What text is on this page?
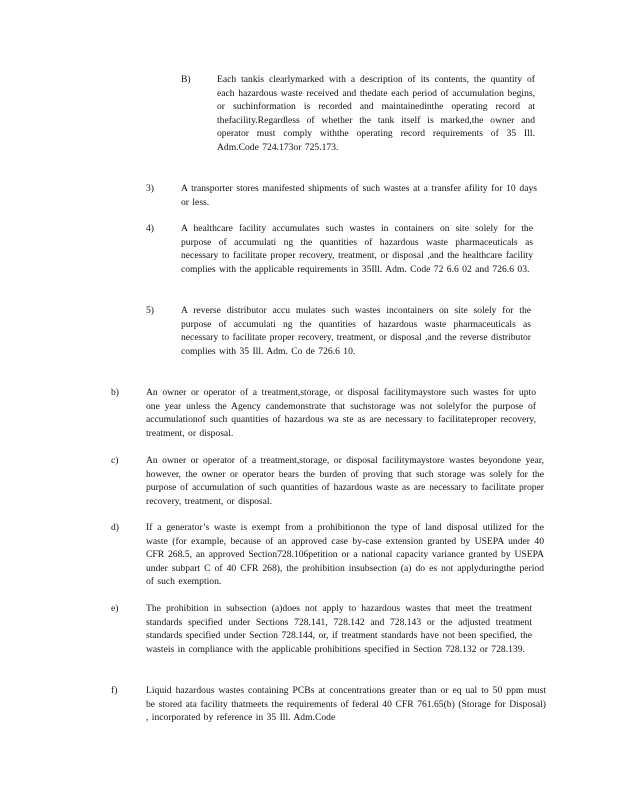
B)	Each tankis clearlymarked with a description of its contents, the quantity of each hazardous waste received and thedate each period of accumulation begins, or suchinformation is recorded and maintainedinthe operating record at thefacility.Regardless of whether the tank itself is marked,the owner and operator must comply withthe operating record requirements of 35 Ill. Adm.Code 724.173or 725.173.
3)	A transporter stores manifested shipments of such wastes at a transfer afility for 10 days or less.
4)	A healthcare facility accumulates such wastes in containers on site solely for the purpose of accumulati ng the quantities of hazardous waste pharmaceuticals as necessary to facilitate proper recovery, treatment, or disposal ,and the healthcare facility complies with the applicable requirements in 35Ill. Adm. Code 72 6.6 02 and 726.6 03.
5)	A reverse distributor accu mulates such wastes incontainers on site solely for the purpose of accumulati ng the quantities of hazardous waste pharmaceuticals as necessary to facilitate proper recovery, treatment, or disposal ,and the reverse distributor complies with 35 Ill. Adm. Co de 726.6 10.
b)	An owner or operator of a treatment,storage, or disposal facilitymaystore such wastes for upto one year unless the Agency candemonstrate that suchstorage was not solelyfor the purpose of accumulationof such quantities of hazardous wa ste as are necessary to facilitateproper recovery, treatment, or disposal.
c)	An owner or operator of a treatment,storage, or disposal facilitymaystore wastes beyondone year, however, the owner or operator bears the burden of proving that such storage was solely for the purpose of accumulation of such quantities of hazardous waste as are necessary to facilitate proper recovery, treatment, or disposal.
d)	If a generator’s waste is exempt from a prohibitionon the type of land disposal utilized for the waste (for example, because of an approved case by-case extension granted by USEPA under 40 CFR 268.5, an approved Section728.106petition or a national capacity variance granted by USEPA under subpart C of 40 CFR 268), the prohibition insubsection (a) do es not applyduringthe period of such exemption.
e)	The prohibition in subsection (a)does not apply to hazardous wastes that meet the treatment standards specified under Sections 728.141, 728.142 and 728.143 or the adjusted treatment standards specified under Section 728.144, or, if treatment standards have not been specified, the wasteis in compliance with the applicable prohibitions specified in Section 728.132 or 728.139.
f)	Liquid hazardous wastes containing PCBs at concentrations greater than or eq ual to 50 ppm must be stored ata facility thatmeets the requirements of federal 40 CFR 761.65(b) (Storage for Disposal) , incorporated by reference in 35 Ill. Adm.Code
